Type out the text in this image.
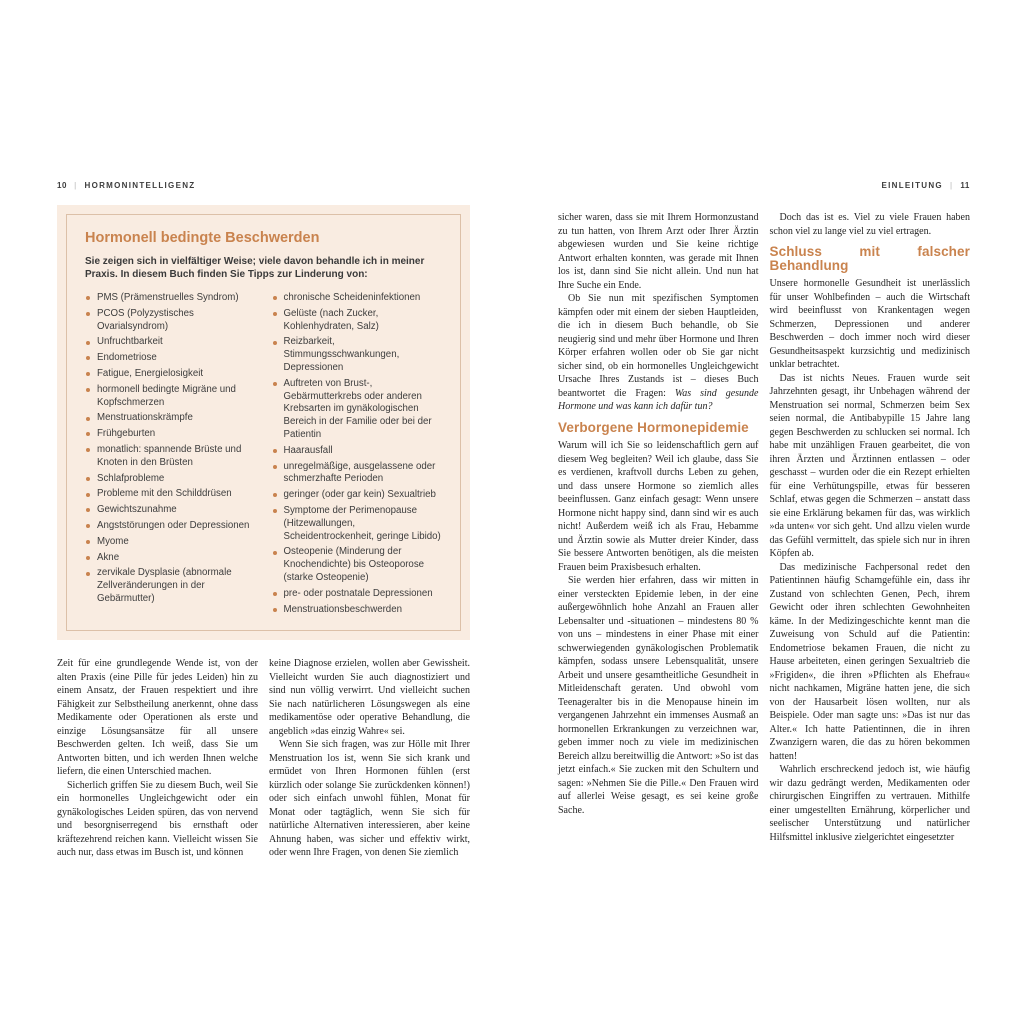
10 | HORMONINTELLIGENZ
Hormonell bedingte Beschwerden

Sie zeigen sich in vielfältiger Weise; viele davon behandle ich in meiner Praxis. In diesem Buch finden Sie Tipps zur Linderung von:

PMS (Prämenstruelles Syndrom)
PCOS (Polyzystisches Ovarialsyndrom)
Unfruchtbarkeit
Endometriose
Fatigue, Energielosigkeit
hormonell bedingte Migräne und Kopfschmerzen
Menstruationskrämpfe
Frühgeburten
monatlich: spannende Brüste und Knoten in den Brüsten
Schlafprobleme
Probleme mit den Schilddrüsen
Gewichtszunahme
Angststörungen oder Depressionen
Myome
Akne
zervikale Dysplasie (abnormale Zellveränderungen in der Gebärmutter)
chronische Scheideninfektionen
Gelüste (nach Zucker, Kohlenhydraten, Salz)
Reizbarkeit, Stimmungsschwankungen, Depressionen
Auftreten von Brust-, Gebärmutterkrebs oder anderen Krebsarten im gynäkologischen Bereich in der Familie oder bei der Patientin
Haarausfall
unregelmäßige, ausgelassene oder schmerzhafte Perioden
geringer (oder gar kein) Sexualtrieb
Symptome der Perimenopause (Hitzewallungen, Scheidentrockenheit, geringe Libido)
Osteopenie (Minderung der Knochendichte) bis Osteoporose (starke Osteopenie)
pre- oder postnatale Depressionen
Menstruationsbeschwerden

Zeit für eine grundlegende Wende ist, von der alten Praxis (eine Pille für jedes Leiden) hin zu einem Ansatz, der Frauen respektiert und ihre Fähigkeit zur Selbstheilung anerkennt, ohne dass Medikamente oder Operationen als erste und einzige Lösungsansätze für all unsere Beschwerden gelten. Ich weiß, dass Sie um Antworten bitten, und ich werden Ihnen welche liefern, die einen Unterschied machen.

Sicherlich griffen Sie zu diesem Buch, weil Sie ein hormonelles Ungleichgewicht oder ein gynäkologisches Leiden spüren, das von nervend und besorgniserregend bis ernsthaft oder kräftezehrend reichen kann. Vielleicht wissen Sie auch nur, dass etwas im Busch ist, und können

keine Diagnose erzielen, wollen aber Gewissheit. Vielleicht wurden Sie auch diagnostiziert und sind nun völlig verwirrt. Und vielleicht suchen Sie nach natürlicheren Lösungswegen als eine medikamentöse oder operative Behandlung, die angeblich »das einzig Wahre« sei.

Wenn Sie sich fragen, was zur Hölle mit Ihrer Menstruation los ist, wenn Sie sich krank und ermüdet von Ihren Hormonen fühlen (erst kürzlich oder solange Sie zurückdenken können!) oder sich einfach unwohl fühlen, Monat für Monat oder tagtäglich, wenn Sie sich für natürliche Alternativen interessieren, aber keine Ahnung haben, was sicher und effektiv wirkt, oder wenn Ihre Fragen, von denen Sie ziemlich

EINLEITUNG | 11

sicher waren, dass sie mit Ihrem Hormonzustand zu tun hatten, von Ihrem Arzt oder Ihrer Ärztin abgewiesen wurden und Sie keine richtige Antwort erhalten konnten, was gerade mit Ihnen los ist, dann sind Sie nicht allein. Und nun hat Ihre Suche ein Ende.

Ob Sie nun mit spezifischen Symptomen kämpfen oder mit einem der sieben Hauptleiden, die ich in diesem Buch behandle, ob Sie neugierig sind und mehr über Hormone und Ihren Körper erfahren wollen oder ob Sie gar nicht sicher sind, ob ein hormonelles Ungleichgewicht Ursache Ihres Zustands ist – dieses Buch beantwortet die Fragen: Was sind gesunde Hormone und was kann ich dafür tun?

Verborgene Hormonepidemie

Warum will ich Sie so leidenschaftlich gern auf diesem Weg begleiten? Weil ich glaube, dass Sie es verdienen, kraftvoll durchs Leben zu gehen, und dass unsere Hormone so ziemlich alles beeinflussen. Ganz einfach gesagt: Wenn unsere Hormone nicht happy sind, dann sind wir es auch nicht! Außerdem weiß ich als Frau, Hebamme und Ärztin sowie als Mutter dreier Kinder, dass Sie bessere Antworten benötigen, als die meisten Frauen beim Praxisbesuch erhalten.

Sie werden hier erfahren, dass wir mitten in einer versteckten Epidemie leben, in der eine außergewöhnlich hohe Anzahl an Frauen aller Lebensalter und -situationen – mindestens 80 % von uns – mindestens in einer Phase mit einer schwerwiegenden gynäkologischen Problematik kämpfen, sodass unsere Lebensqualität, unsere Arbeit und unsere gesamtheitliche Gesundheit in Mitleidenschaft geraten. Und obwohl vom Teenageralter bis in die Menopause hinein im vergangenen Jahrzehnt ein immenses Ausmaß an hormonellen Erkrankungen zu verzeichnen war, geben immer noch zu viele im medizinischen Bereich allzu bereitwillig die Antwort: »So ist das jetzt einfach.« Sie zucken mit den Schultern und sagen: »Nehmen Sie die Pille.« Den Frauen wird auf allerlei Weise gesagt, es sei keine große Sache.

Doch das ist es. Viel zu viele Frauen haben schon viel zu lange viel zu viel ertragen.

Schluss mit falscher Behandlung

Unsere hormonelle Gesundheit ist unerlässlich für unser Wohlbefinden – auch die Wirtschaft wird beeinflusst von Krankentagen wegen Schmerzen, Depressionen und anderer Beschwerden – doch immer noch wird dieser Gesundheitsaspekt kurzsichtig und medizinisch unklar betrachtet.

Das ist nichts Neues. Frauen wurde seit Jahrzehnten gesagt, ihr Unbehagen während der Menstruation sei normal, Schmerzen beim Sex seien normal, die Antibabypille 15 Jahre lang gegen Beschwerden zu schlucken sei normal. Ich habe mit unzähligen Frauen gearbeitet, die von ihren Ärzten und Ärztinnen entlassen – oder geschasst – wurden oder die ein Rezept erhielten für eine Verhütungspille, etwas für besseren Schlaf, etwas gegen die Schmerzen – anstatt dass sie eine Erklärung bekamen für das, was wirklich »da unten« vor sich geht. Und allzu vielen wurde das Gefühl vermittelt, das spiele sich nur in ihren Köpfen ab.

Das medizinische Fachpersonal redet den Patientinnen häufig Schamgefühle ein, dass ihr Zustand von schlechten Genen, Pech, ihrem Gewicht oder ihren schlechten Gewohnheiten käme. In der Medizingeschichte kennt man die Zuweisung von Schuld auf die Patientin: Endometriose bekamen Frauen, die nicht zu Hause arbeiteten, einen geringen Sexualtrieb die »Frigiden«, die ihren »Pflichten als Ehefrau« nicht nachkamen, Migräne hatten jene, die sich von der Hausarbeit lösen wollten, nur als Beispiele. Oder man sagte uns: »Das ist nur das Alter.« Ich hatte Patientinnen, die in ihren Zwanzigern waren, die das zu hören bekommen hatten!

Wahrlich erschreckend jedoch ist, wie häufig wir dazu gedrängt werden, Medikamenten oder chirurgischen Eingriffen zu vertrauen. Mithilfe einer umgestellten Ernährung, körperlicher und seelischer Unterstützung und natürlicher Hilfsmittel inklusive zielgerichtet eingesetzter
